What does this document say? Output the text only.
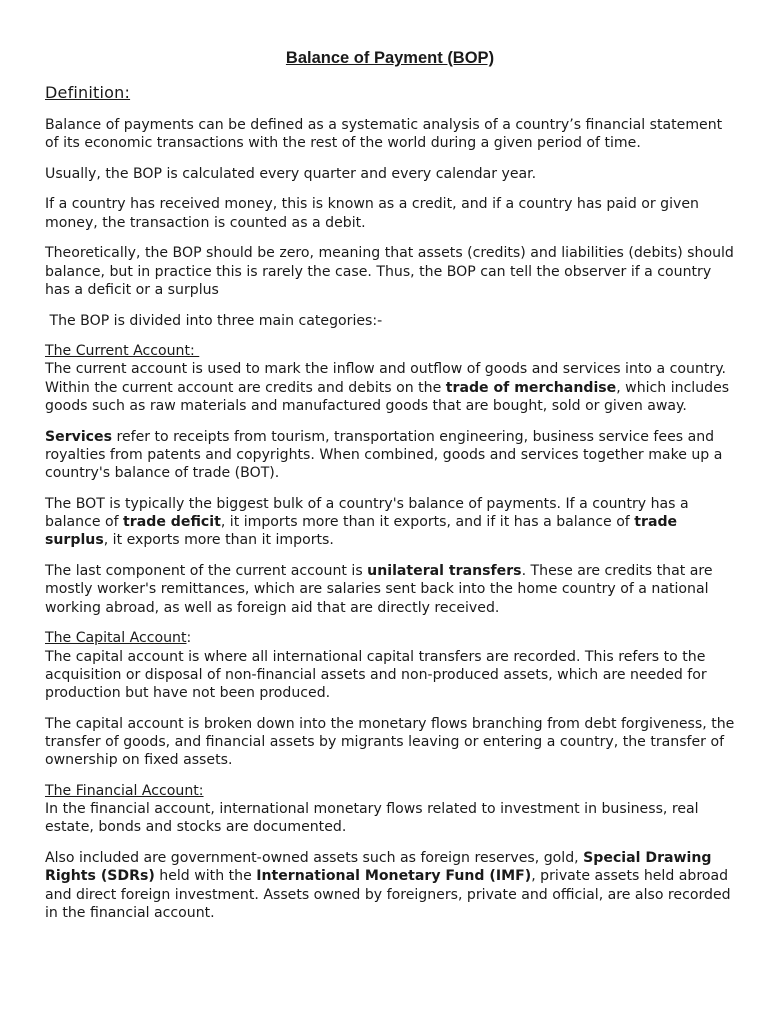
Balance of Payment (BOP)
Definition:

Balance of payments can be defined as a systematic analysis of a country’s financial statement of its economic transactions with the rest of the world during a given period of time.

Usually, the BOP is calculated every quarter and every calendar year.

If a country has received money, this is known as a credit, and if a country has paid or given money, the transaction is counted as a debit.

Theoretically, the BOP should be zero, meaning that assets (credits) and liabilities (debits) should balance, but in practice this is rarely the case. Thus, the BOP can tell the observer if a country has a deficit or a surplus

The BOP is divided into three main categories:-

The Current Account:
The current account is used to mark the inflow and outflow of goods and services into a country. Within the current account are credits and debits on the trade of merchandise, which includes goods such as raw materials and manufactured goods that are bought, sold or given away.

Services refer to receipts from tourism, transportation engineering, business service fees and royalties from patents and copyrights. When combined, goods and services together make up a country's balance of trade (BOT).

The BOT is typically the biggest bulk of a country's balance of payments. If a country has a balance of trade deficit, it imports more than it exports, and if it has a balance of trade surplus, it exports more than it imports.

The last component of the current account is unilateral transfers. These are credits that are mostly worker's remittances, which are salaries sent back into the home country of a national working abroad, as well as foreign aid that are directly received.

The Capital Account:
The capital account is where all international capital transfers are recorded. This refers to the acquisition or disposal of non-financial assets and non-produced assets, which are needed for production but have not been produced.

The capital account is broken down into the monetary flows branching from debt forgiveness, the transfer of goods, and financial assets by migrants leaving or entering a country, the transfer of ownership on fixed assets.

The Financial Account:
In the financial account, international monetary flows related to investment in business, real estate, bonds and stocks are documented.

Also included are government-owned assets such as foreign reserves, gold, Special Drawing Rights (SDRs) held with the International Monetary Fund (IMF), private assets held abroad and direct foreign investment. Assets owned by foreigners, private and official, are also recorded in the financial account.
